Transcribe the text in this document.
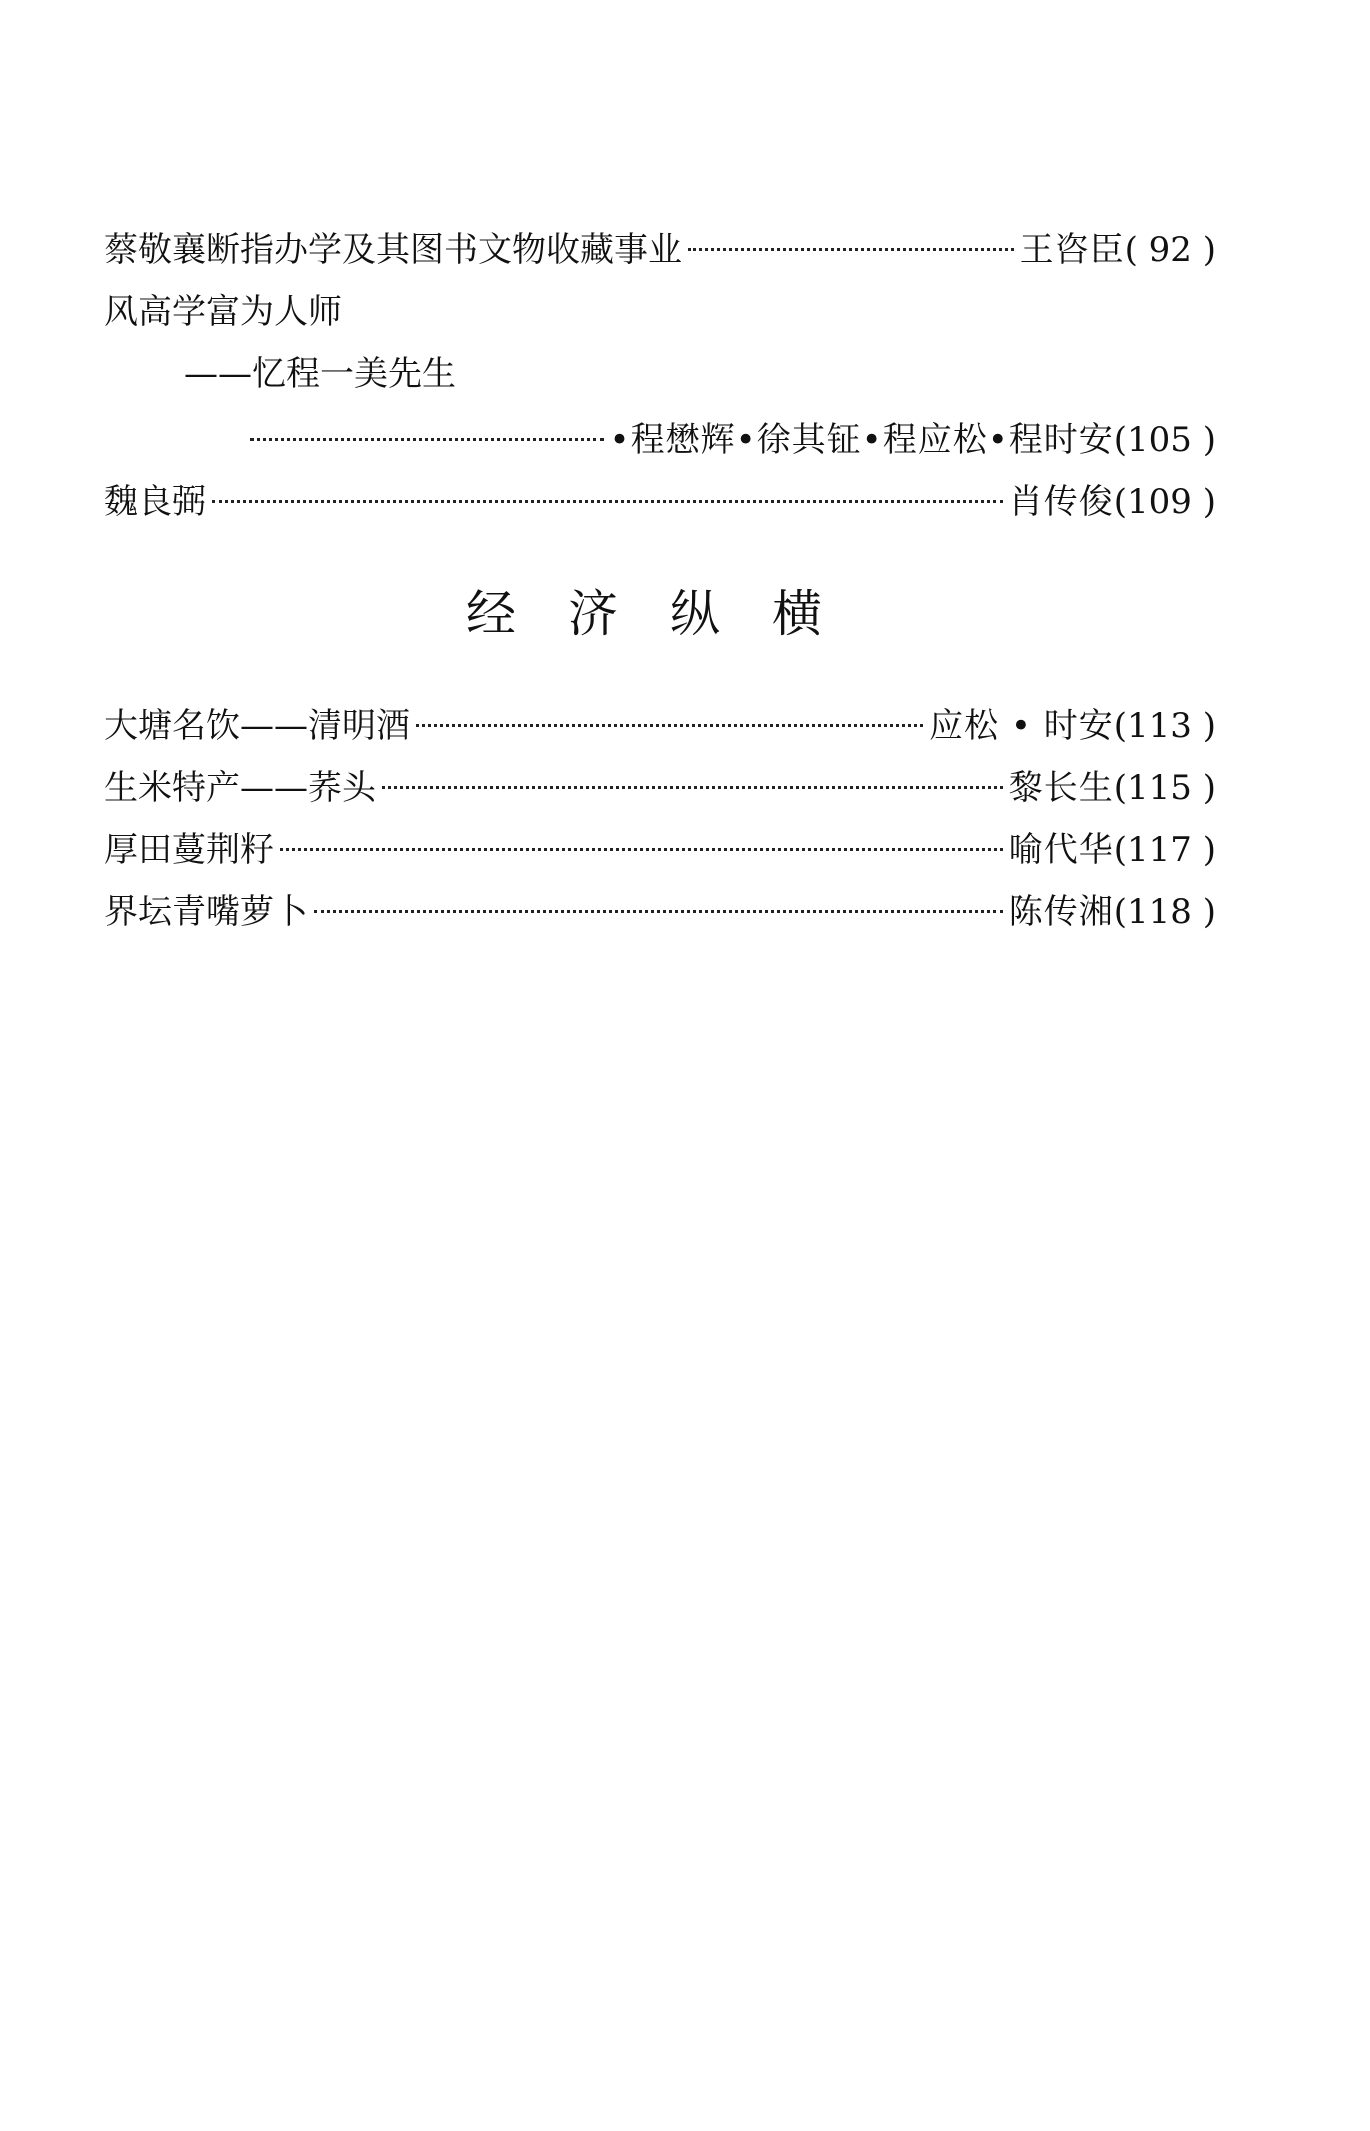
蔡敬襄断指办学及其图书文物收藏事业	王咨臣 ( 92 )
风高学富为人师
——忆程一美先生
•程懋辉•徐其钲•程应松•程时安 (105 )
魏良弼	肖传俊 (109 )
经济纵横
大塘名饮——清明酒	应松 • 时安 (113 )
生米特产——荞头	黎长生 (115 )
厚田蔓荆籽	喻代华 (117 )
界坛青嘴萝卜	陈传湘 (118 )
